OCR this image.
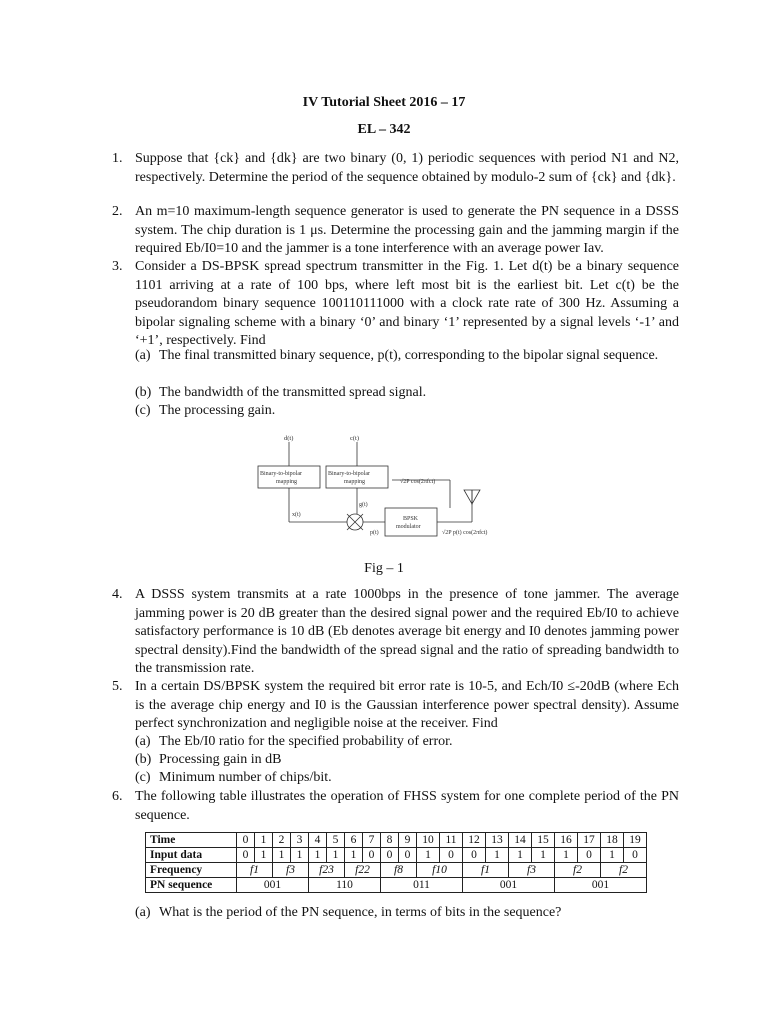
IV Tutorial Sheet 2016 – 17
EL – 342
1. Suppose that {ck} and {dk} are two binary (0, 1) periodic sequences with period N1 and N2, respectively. Determine the period of the sequence obtained by modulo-2 sum of {ck} and {dk}.
2. An m=10 maximum-length sequence generator is used to generate the PN sequence in a DSSS system. The chip duration is 1 μs. Determine the processing gain and the jamming margin if the required Eb/I0=10 and the jammer is a tone interference with an average power Iav.
3. Consider a DS-BPSK spread spectrum transmitter in the Fig. 1. Let d(t) be a binary sequence 1101 arriving at a rate of 100 bps, where left most bit is the earliest bit. Let c(t) be the pseudorandom binary sequence 100110111000 with a clock rate rate of 300 Hz. Assuming a bipolar signaling scheme with a binary ‘0’ and binary ‘1’ represented by a signal levels ‘-1’ and ‘+1’, respectively. Find
(a) The final transmitted binary sequence, p(t), corresponding to the bipolar signal sequence.
(b) The bandwidth of the transmitted spread signal.
(c) The processing gain.
d(t)	c(t)
Binary-to-bipolar
mapping
Binary-to-bipolar
mapping	√2P cos(2πfct)
g(t)
x(t)
p(t)
BPSK
modulator
√2P p(t) cos(2πfct)
Fig – 1
4. A DSSS system transmits at a rate 1000bps in the presence of tone jammer. The average jamming power is 20 dB greater than the desired signal power and the required Eb/I0 to achieve satisfactory performance is 10 dB (Eb denotes average bit energy and I0 denotes jamming power spectral density).Find the bandwidth of the spread signal and the ratio of spreading bandwidth to the transmission rate.
5. In a certain DS/BPSK system the required bit error rate is 10-5, and Ech/I0 ≤-20dB (where Ech is the average chip energy and I0 is the Gaussian interference power spectral density). Assume perfect synchronization and negligible noise at the receiver. Find
(a) The Eb/I0 ratio for the specified probability of error.
(b) Processing gain in dB
(c) Minimum number of chips/bit.
6. The following table illustrates the operation of FHSS system for one complete period of the PN sequence.
Time	0	1	2	3	4	5	6	7	8	9	10	11	12	13	14	15	16	17	18	19
Input data	0	1	1	1	1	1	1	0	0	0	1	0	0	1	1	1	1	0	1	0
Frequency	f1		f3		f23		f22		f8		f10		f1		f3		f2		f2	
PN sequence	001				110				011				001				001			
(a) What is the period of the PN sequence, in terms of bits in the sequence?
